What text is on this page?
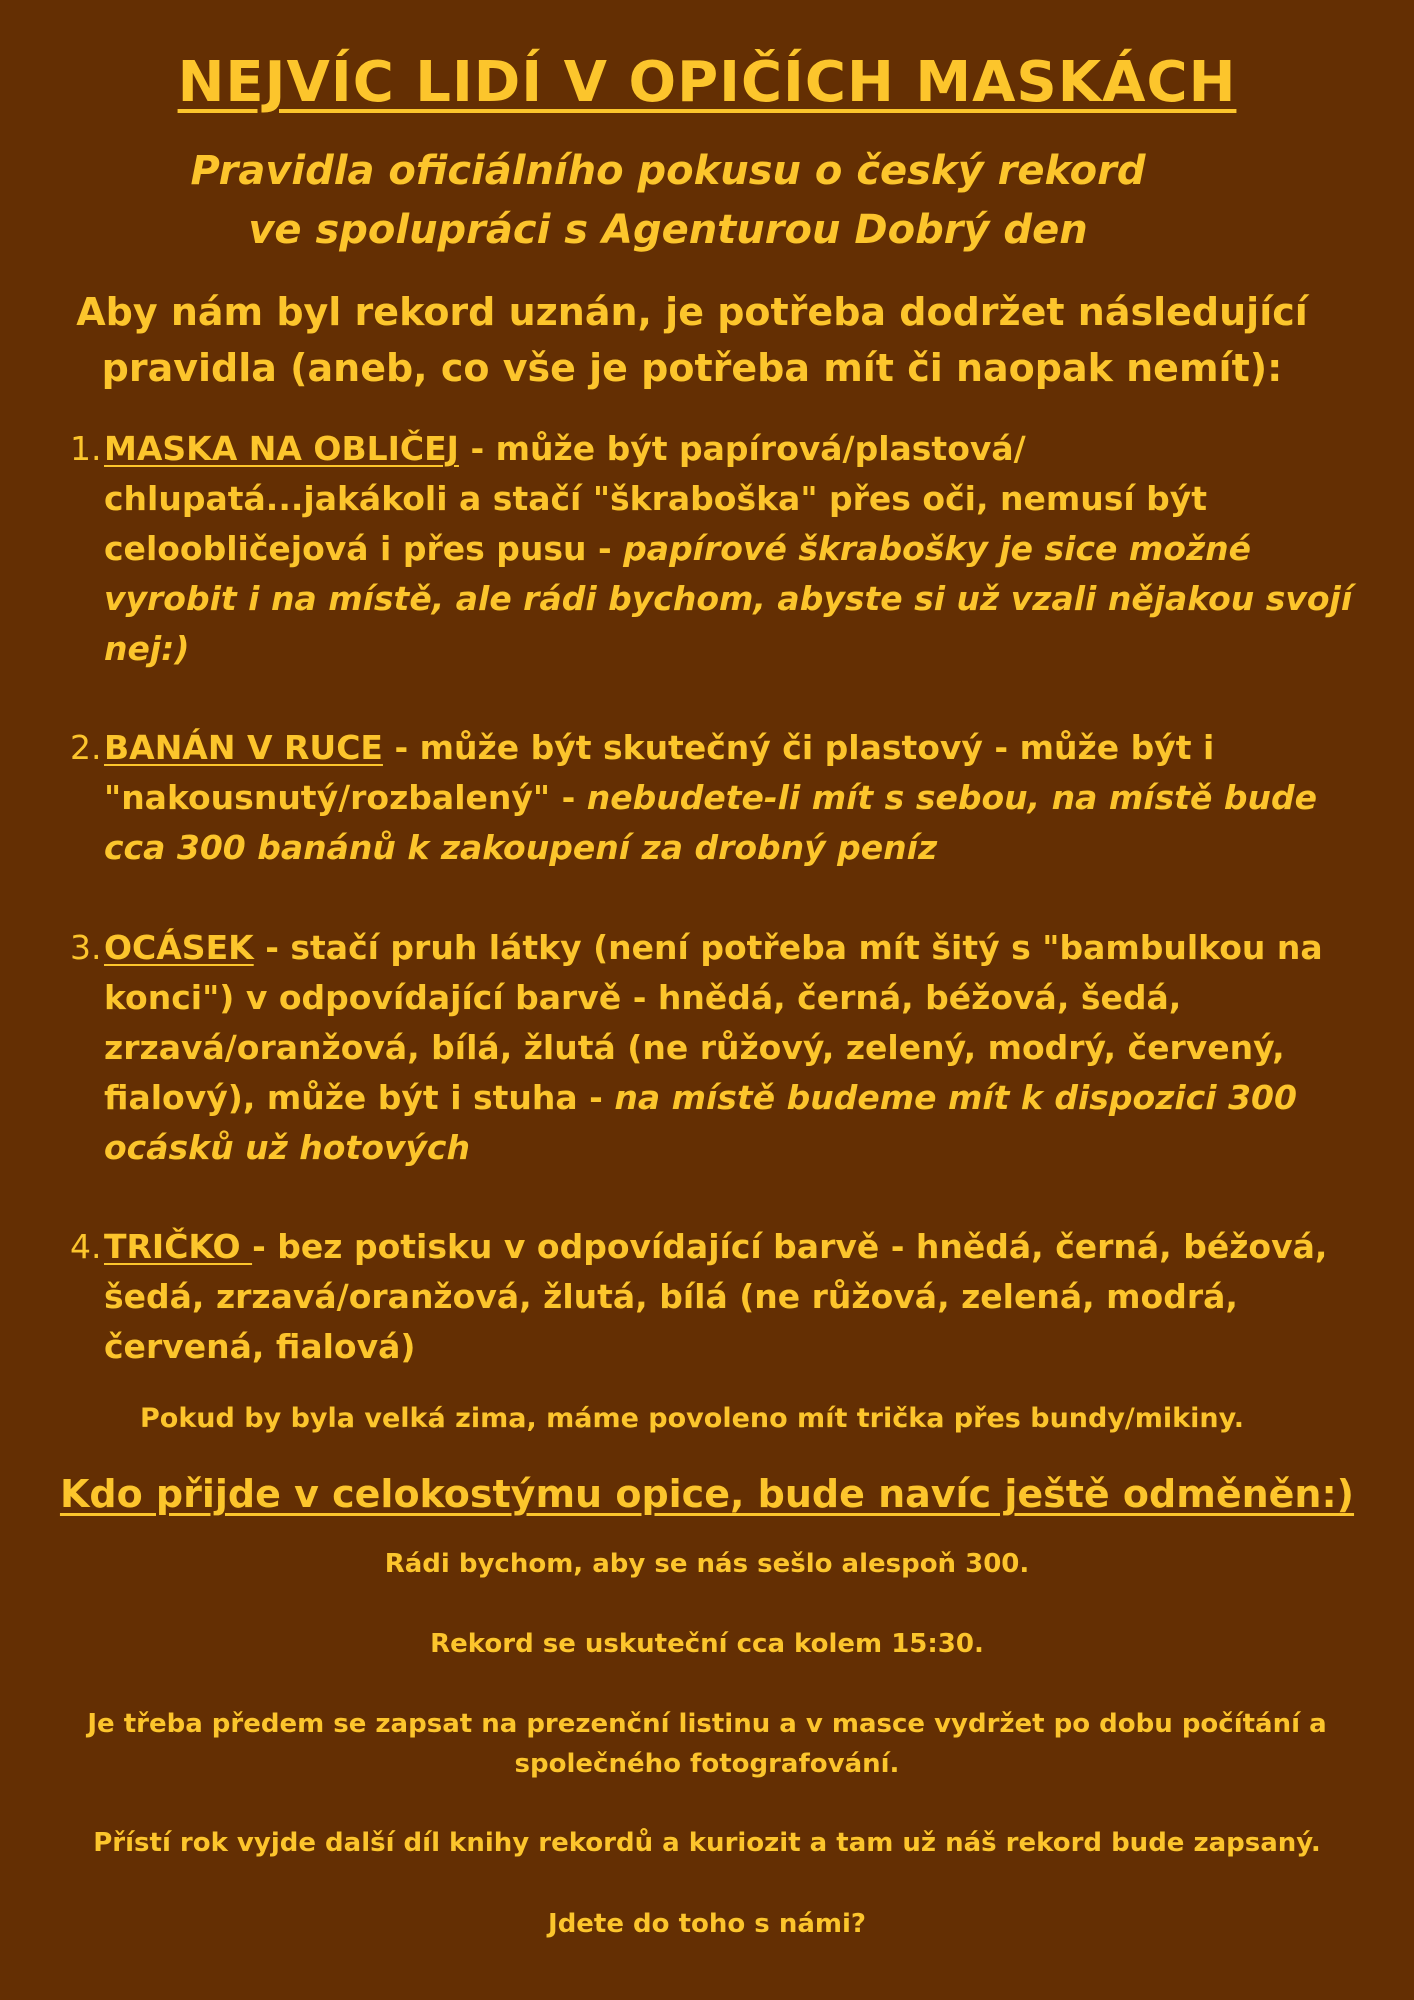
NEJVÍC LIDÍ V OPIČÍCH MASKÁCH

Pravidla oficiálního pokusu o český rekord

ve spolupráci s Agenturou Dobrý den

Aby nám byl rekord uznán, je potřeba dodržet následující pravidla (aneb, co vše je potřeba mít či naopak nemít):

1. MASKA NA OBLIČEJ - může být papírová/plastová/ chlupatá...jakákoli a stačí "škraboška" přes oči, nemusí být celoobličejová i přes pusu - papírové škrabošky je sice možné vyrobit i na místě, ale rádi bychom, abyste si už vzali nějakou svojí nej:)

2. BANÁN V RUCE - může být skutečný či plastový - může být i "nakousnutý/rozbalený" - nebudete-li mít s sebou, na místě bude cca 300 banánů k zakoupení za drobný peníz

3. OCÁSEK - stačí pruh látky (není potřeba mít šitý s "bambulkou na konci") v odpovídající barvě - hnědá, černá, béžová, šedá, zrzavá/oranžová, bílá, žlutá (ne růžový, zelený, modrý, červený, fialový), může být i stuha - na místě budeme mít k dispozici 300 ocásků už hotových

4. TRIČKO - bez potisku v odpovídající barvě - hnědá, černá, béžová, šedá, zrzavá/oranžová, žlutá, bílá (ne růžová, zelená, modrá, červená, fialová)

Pokud by byla velká zima, máme povoleno mít trička přes bundy/mikiny.

Kdo přijde v celokostýmu opice, bude navíc ještě odměněn:)

Rádi bychom, aby se nás sešlo alespoň 300.

Rekord se uskuteční cca kolem 15:30.

Je třeba předem se zapsat na prezenční listinu a v masce vydržet po dobu počítání a společného fotografování.

Přístí rok vyjde další díl knihy rekordů a kuriozit a tam už náš rekord bude zapsaný.

Jdete do toho s námi?
